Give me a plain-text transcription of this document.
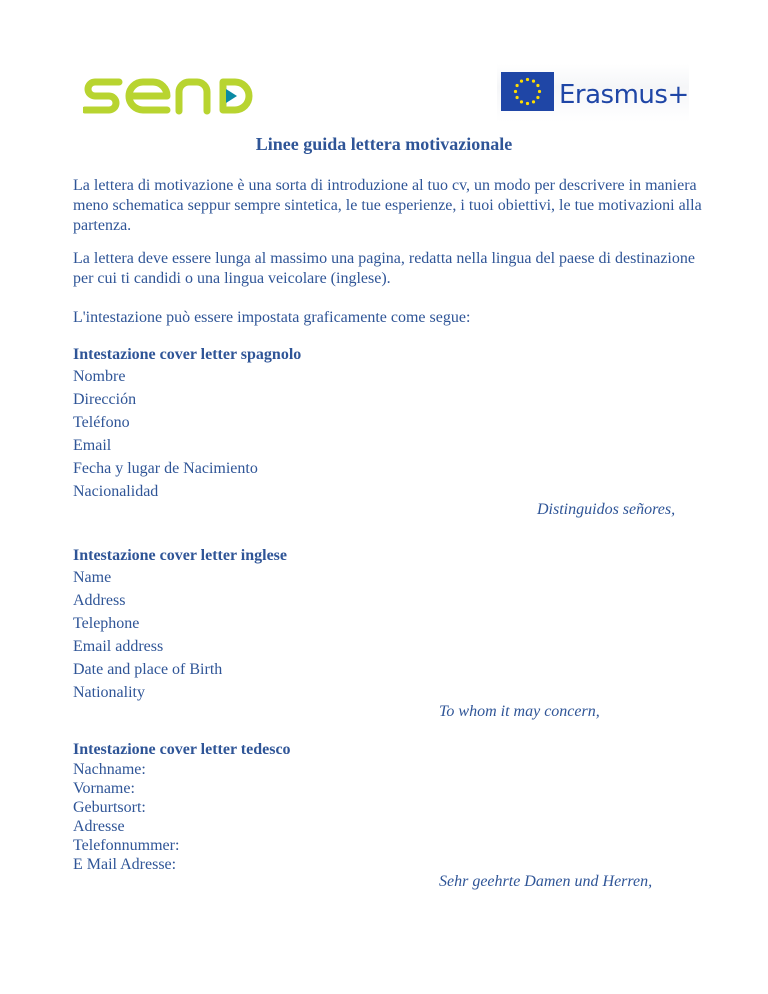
Erasmus+
Linee guida lettera motivazionale

La lettera di motivazione è una sorta di introduzione al tuo cv, un modo per descrivere in maniera meno schematica seppur sempre sintetica, le tue esperienze, i tuoi obiettivi, le tue motivazioni alla partenza.

La lettera deve essere lunga al massimo una pagina, redatta nella lingua del paese di destinazione per cui ti candidi o una lingua veicolare (inglese).

L'intestazione può essere impostata graficamente come segue:

Intestazione cover letter spagnolo
Nombre
Dirección
Teléfono
Email
Fecha y lugar de Nacimiento
Nacionalidad
Distinguidos señores,
Intestazione cover letter inglese
Name
Address
Telephone
Email address
Date and place of Birth
Nationality
To whom it may concern,
Intestazione cover letter tedesco
Nachname:
Vorname:
Geburtsort:
Adresse
Telefonnummer:
E Mail Adresse:
Sehr geehrte Damen und Herren,
